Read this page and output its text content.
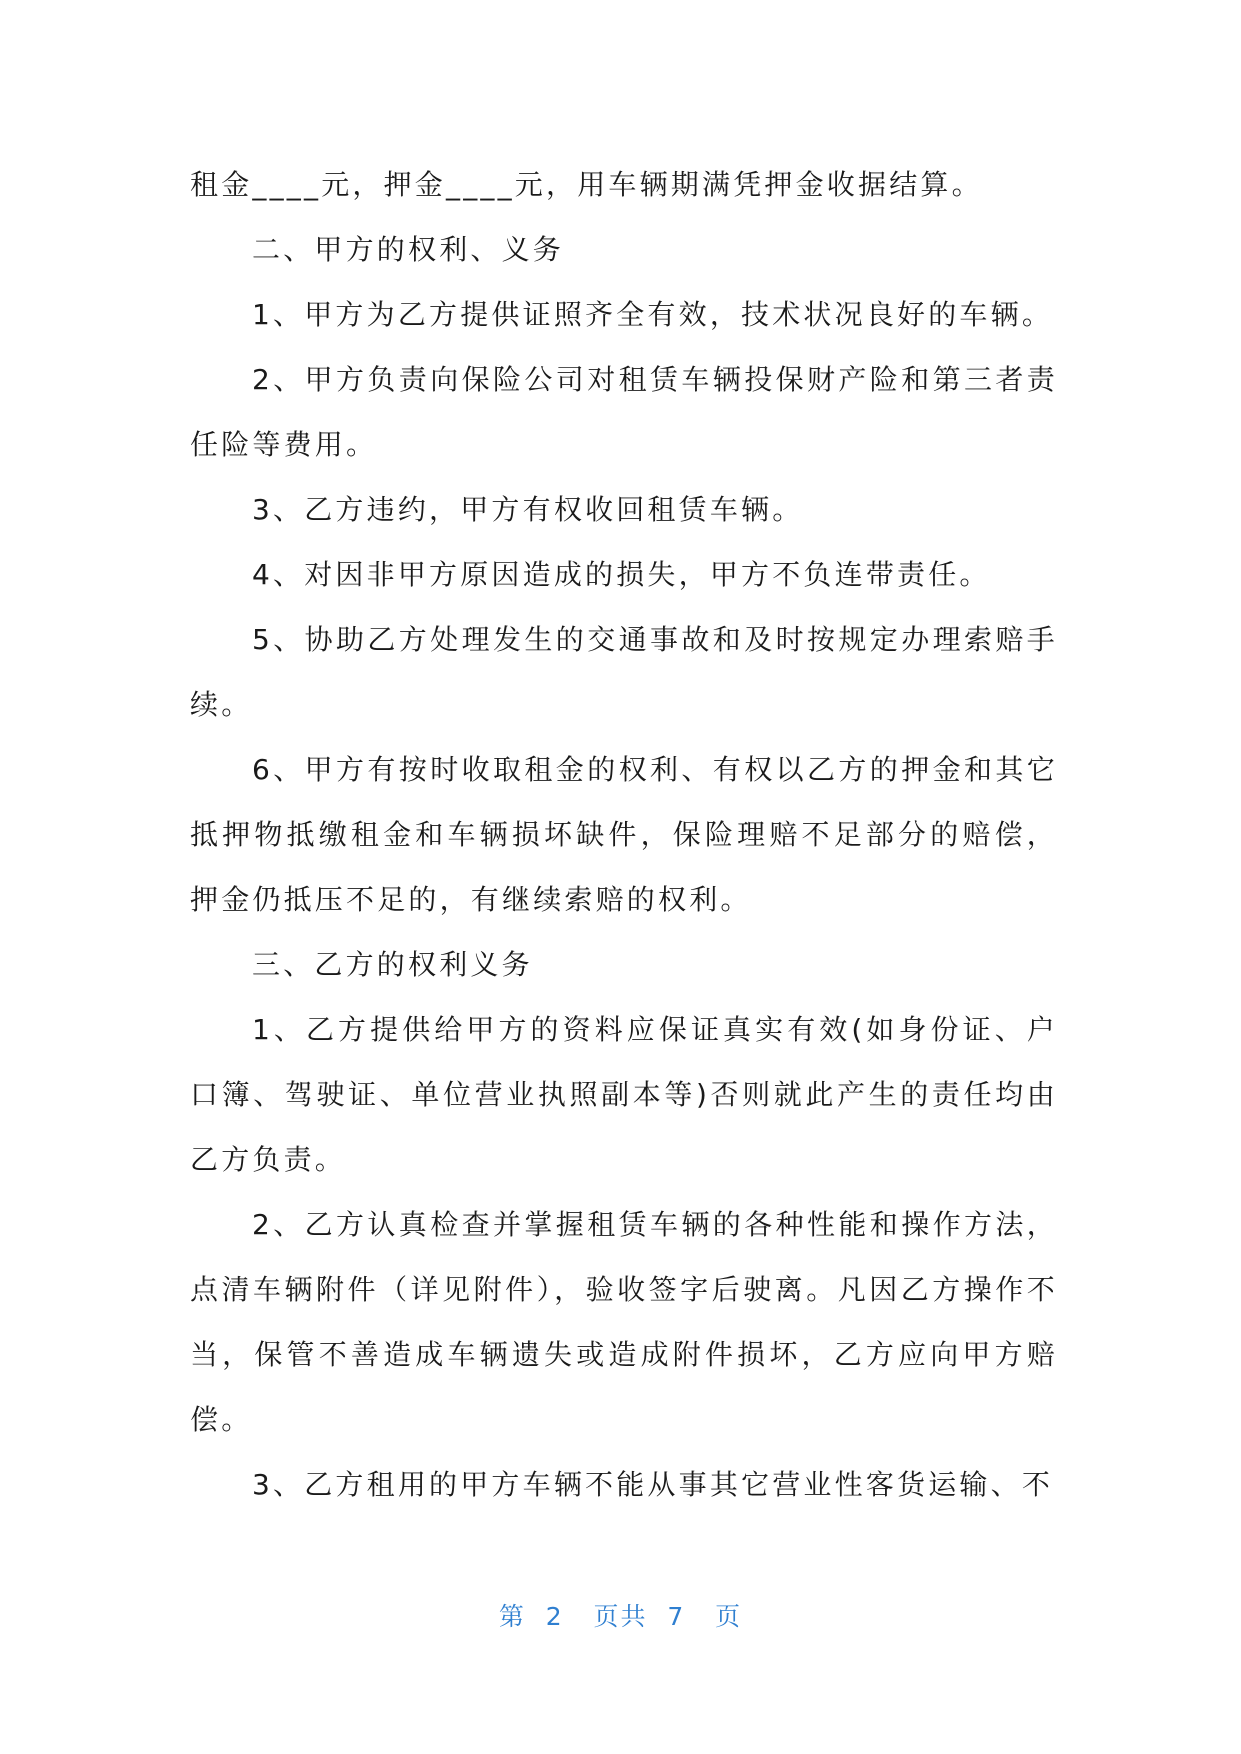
租金____元，押金____元，用车辆期满凭押金收据结算。

二、甲方的权利、义务

1、甲方为乙方提供证照齐全有效，技术状况良好的车辆。

2、甲方负责向保险公司对租赁车辆投保财产险和第三者责任险等费用。

3、乙方违约，甲方有权收回租赁车辆。

4、对因非甲方原因造成的损失，甲方不负连带责任。

5、协助乙方处理发生的交通事故和及时按规定办理索赔手续。

6、甲方有按时收取租金的权利、有权以乙方的押金和其它抵押物抵缴租金和车辆损坏缺件，保险理赔不足部分的赔偿，押金仍抵压不足的，有继续索赔的权利。

三、乙方的权利义务

1、乙方提供给甲方的资料应保证真实有效(如身份证、户口簿、驾驶证、单位营业执照副本等)否则就此产生的责任均由乙方负责。

2、乙方认真检查并掌握租赁车辆的各种性能和操作方法，点清车辆附件（详见附件），验收签字后驶离。凡因乙方操作不当，保管不善造成车辆遗失或造成附件损坏，乙方应向甲方赔偿。

3、乙方租用的甲方车辆不能从事其它营业性客货运输、不

第 2 页共 7 页
